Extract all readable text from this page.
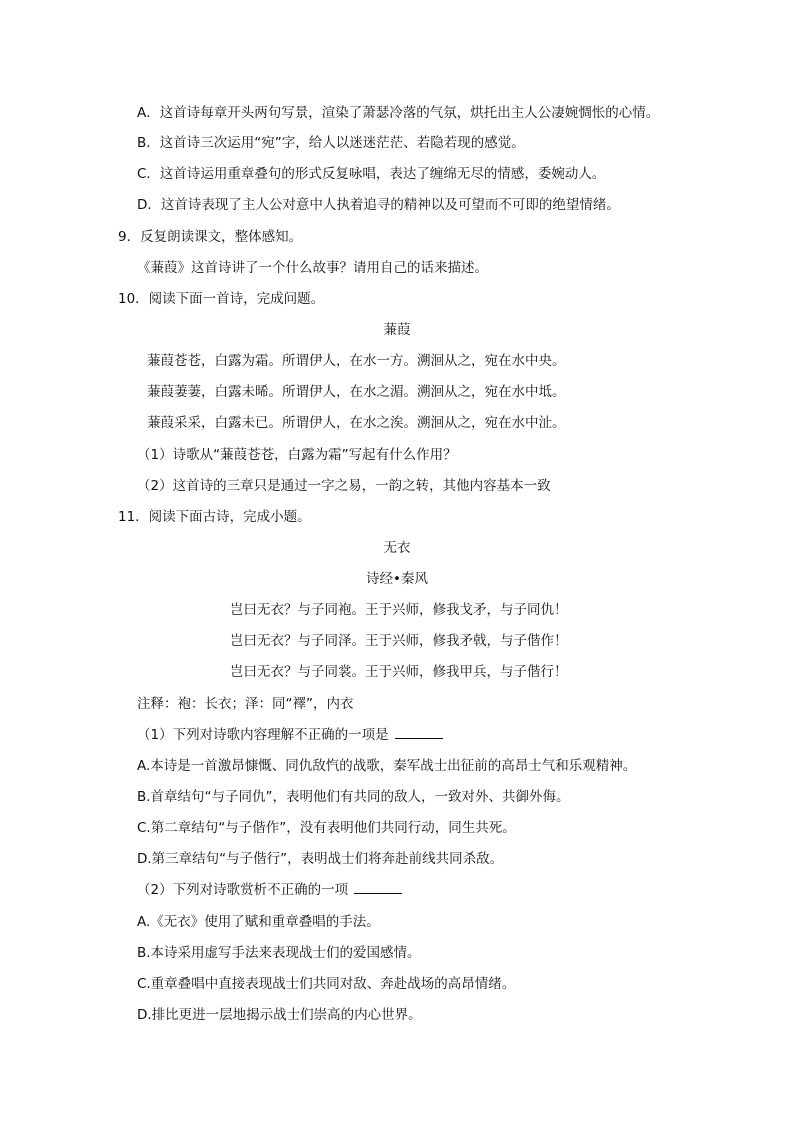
A．这首诗每章开头两句写景，渲染了萧瑟冷落的气氛，烘托出主人公凄婉惆怅的心情。
B．这首诗三次运用“宛”字，给人以迷迷茫茫、若隐若现的感觉。
C．这首诗运用重章叠句的形式反复咏唱，表达了缠绵无尽的情感，委婉动人。
D．这首诗表现了主人公对意中人执着追寻的精神以及可望而不可即的绝望情绪。
9．反复朗读课文，整体感知。
《蒹葭》这首诗讲了一个什么故事？请用自己的话来描述。
10．阅读下面一首诗，完成问题。
蒹葭
蒹葭苍苍，白露为霜。所谓伊人，在水一方。溯洄从之，宛在水中央。
蒹葭萋萋，白露未晞。所谓伊人，在水之湄。溯洄从之，宛在水中坻。
蒹葭采采，白露未已。所谓伊人，在水之涘。溯洄从之，宛在水中沚。
（1）诗歌从“蒹葭苍苍，白露为霜”写起有什么作用？
（2）这首诗的三章只是通过一字之易，一韵之转，其他内容基本一致
11．阅读下面古诗，完成小题。
无衣
诗经•秦风
岂曰无衣？与子同袍。王于兴师，修我戈矛，与子同仇！
岂曰无衣？与子同泽。王于兴师，修我矛戟，与子偕作！
岂曰无衣？与子同裳。王于兴师，修我甲兵，与子偕行！
注释：袍：长衣；泽：同“襗”，内衣
（1）下列对诗歌内容理解不正确的一项是
A.本诗是一首激昂慷慨、同仇敌忾的战歌，秦军战士出征前的高昂士气和乐观精神。
B.首章结句“与子同仇”，表明他们有共同的敌人，一致对外、共御外侮。
C.第二章结句“与子偕作”，没有表明他们共同行动，同生共死。
D.第三章结句“与子偕行”，表明战士们将奔赴前线共同杀敌。
（2）下列对诗歌赏析不正确的一项
A.《无衣》使用了赋和重章叠唱的手法。
B.本诗采用虚写手法来表现战士们的爱国感情。
C.重章叠唱中直接表现战士们共同对敌、奔赴战场的高昂情绪。
D.排比更进一层地揭示战士们崇高的内心世界。
